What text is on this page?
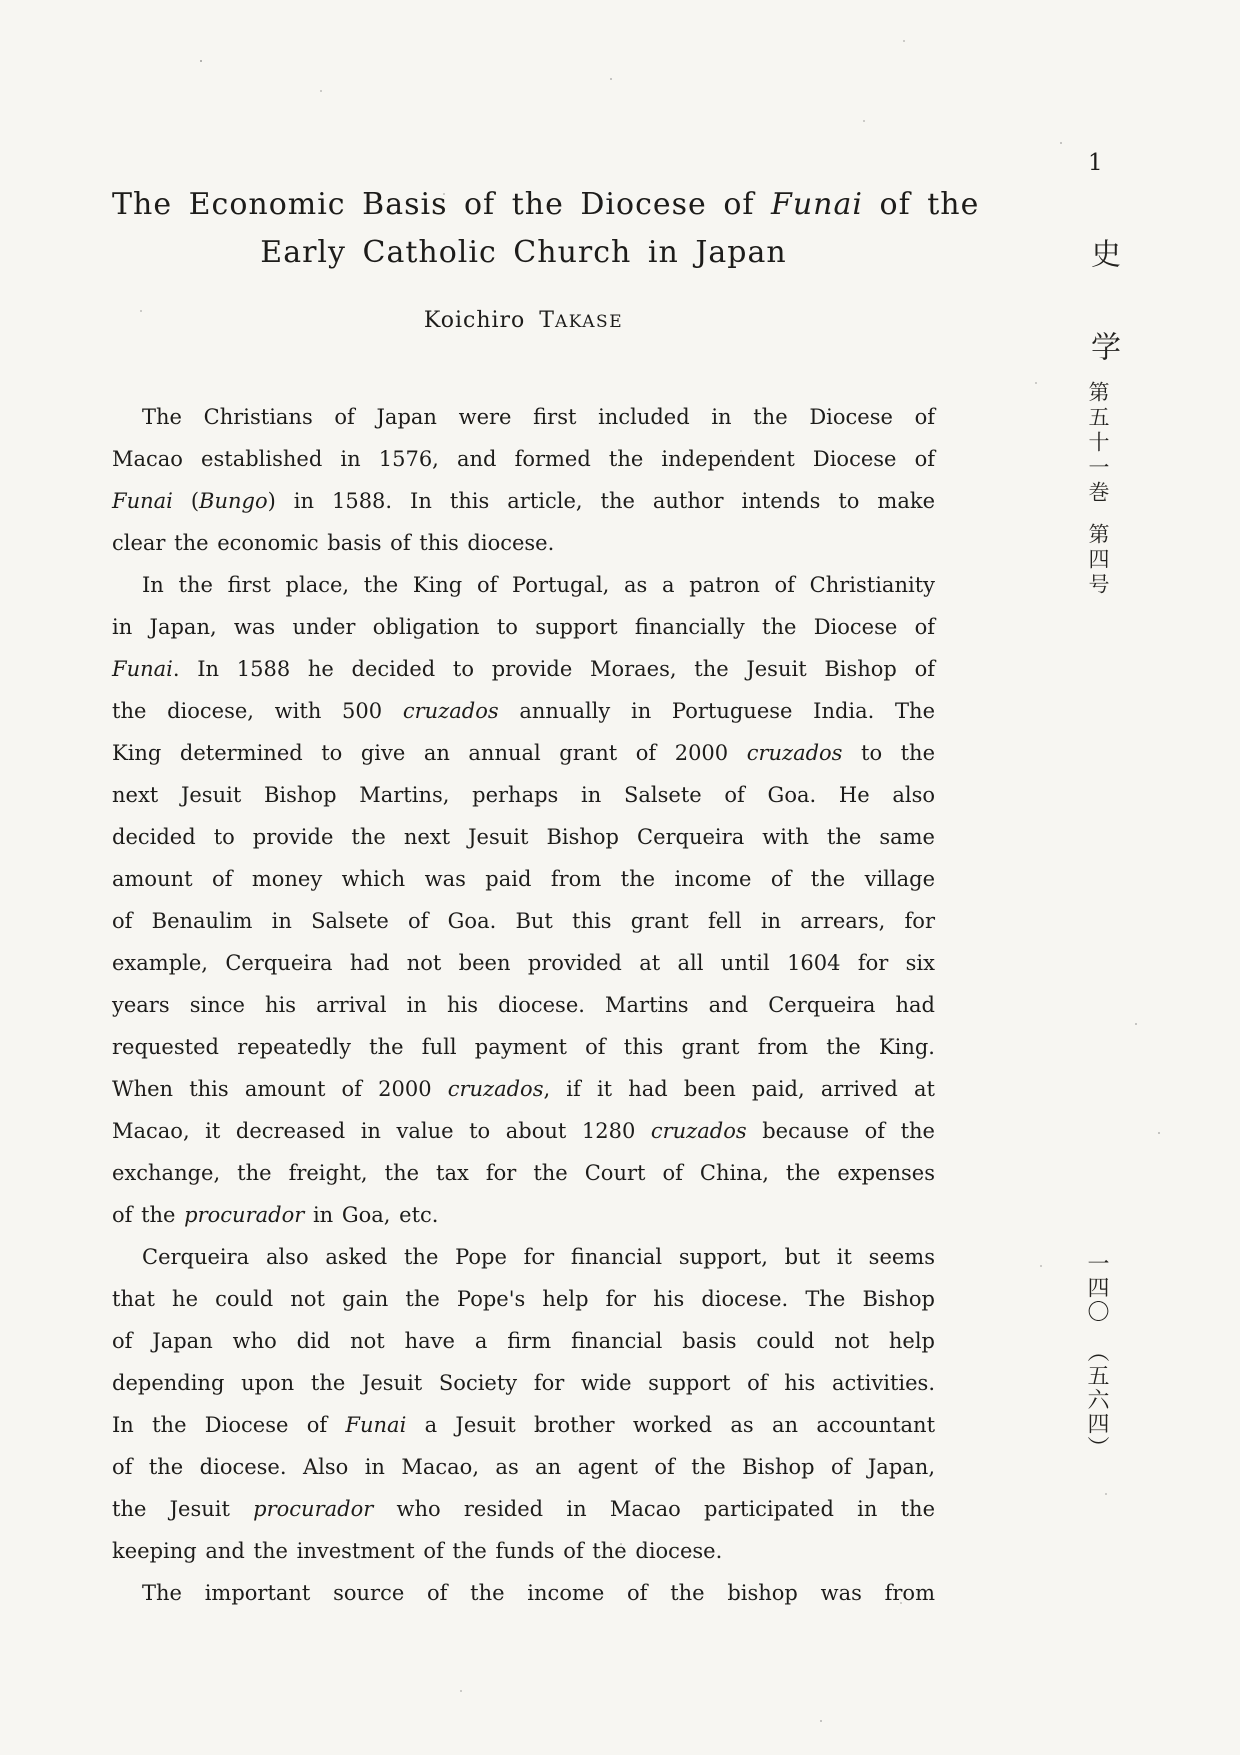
1
The Economic Basis of the Diocese of Funai of the
Early Catholic Church in Japan
Koichiro TAKASE
The Christians of Japan were first included in the Diocese of
Macao established in 1576, and formed the independent Diocese of
Funai (Bungo) in 1588. In this article, the author intends to make
clear the economic basis of this diocese.
In the first place, the King of Portugal, as a patron of Christianity
in Japan, was under obligation to support financially the Diocese of
Funai. In 1588 he decided to provide Moraes, the Jesuit Bishop of
the diocese, with 500 cruzados annually in Portuguese India. The
King determined to give an annual grant of 2000 cruzados to the
next Jesuit Bishop Martins, perhaps in Salsete of Goa. He also
decided to provide the next Jesuit Bishop Cerqueira with the same
amount of money which was paid from the income of the village
of Benaulim in Salsete of Goa. But this grant fell in arrears, for
example, Cerqueira had not been provided at all until 1604 for six
years since his arrival in his diocese. Martins and Cerqueira had
requested repeatedly the full payment of this grant from the King.
When this amount of 2000 cruzados, if it had been paid, arrived at
Macao, it decreased in value to about 1280 cruzados because of the
exchange, the freight, the tax for the Court of China, the expenses
of the procurador in Goa, etc.
Cerqueira also asked the Pope for financial support, but it seems
that he could not gain the Pope's help for his diocese. The Bishop
of Japan who did not have a firm financial basis could not help
depending upon the Jesuit Society for wide support of his activities.
In the Diocese of Funai a Jesuit brother worked as an accountant
of the diocese. Also in Macao, as an agent of the Bishop of Japan,
the Jesuit procurador who resided in Macao participated in the
keeping and the investment of the funds of the diocese.
The important source of the income of the bishop was from
史
学
第五十一巻
第四号
一四〇
︵五六四︶
